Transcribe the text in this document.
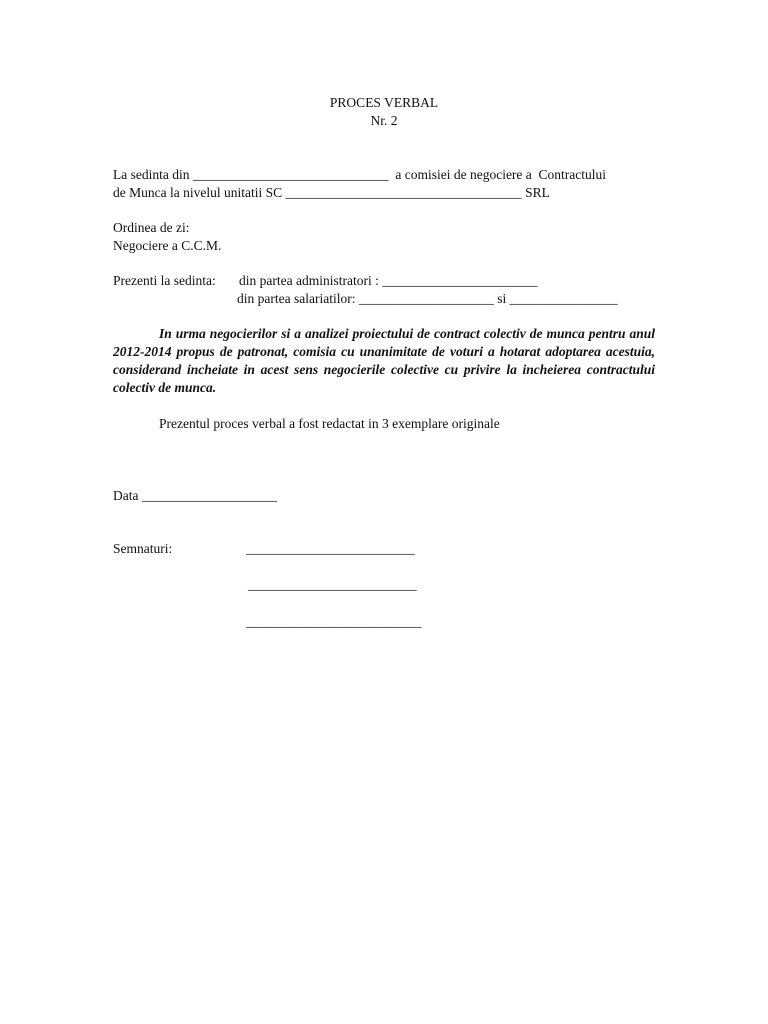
PROCES VERBAL
Nr. 2
La sedinta din _____________________________  a comisiei de negociere a  Contractului
de Munca la nivelul unitatii SC ___________________________________ SRL
Ordinea de zi:
Negociere a C.C.M.
Prezenti la sedinta: din partea administratori : _______________________
din partea salariatilor: ____________________ si ________________
In urma negocierilor si a analizei proiectului de contract colectiv de munca pentru anul 2012-2014 propus de patronat, comisia cu unanimitate de voturi a hotarat adoptarea acestuia, considerand incheiate in acest sens negocierile colective cu privire la incheierea contractului colectiv de munca.
Prezentul proces verbal a fost redactat in 3 exemplare originale
Data ____________________
Semnaturi:	_________________________
_________________________
__________________________
